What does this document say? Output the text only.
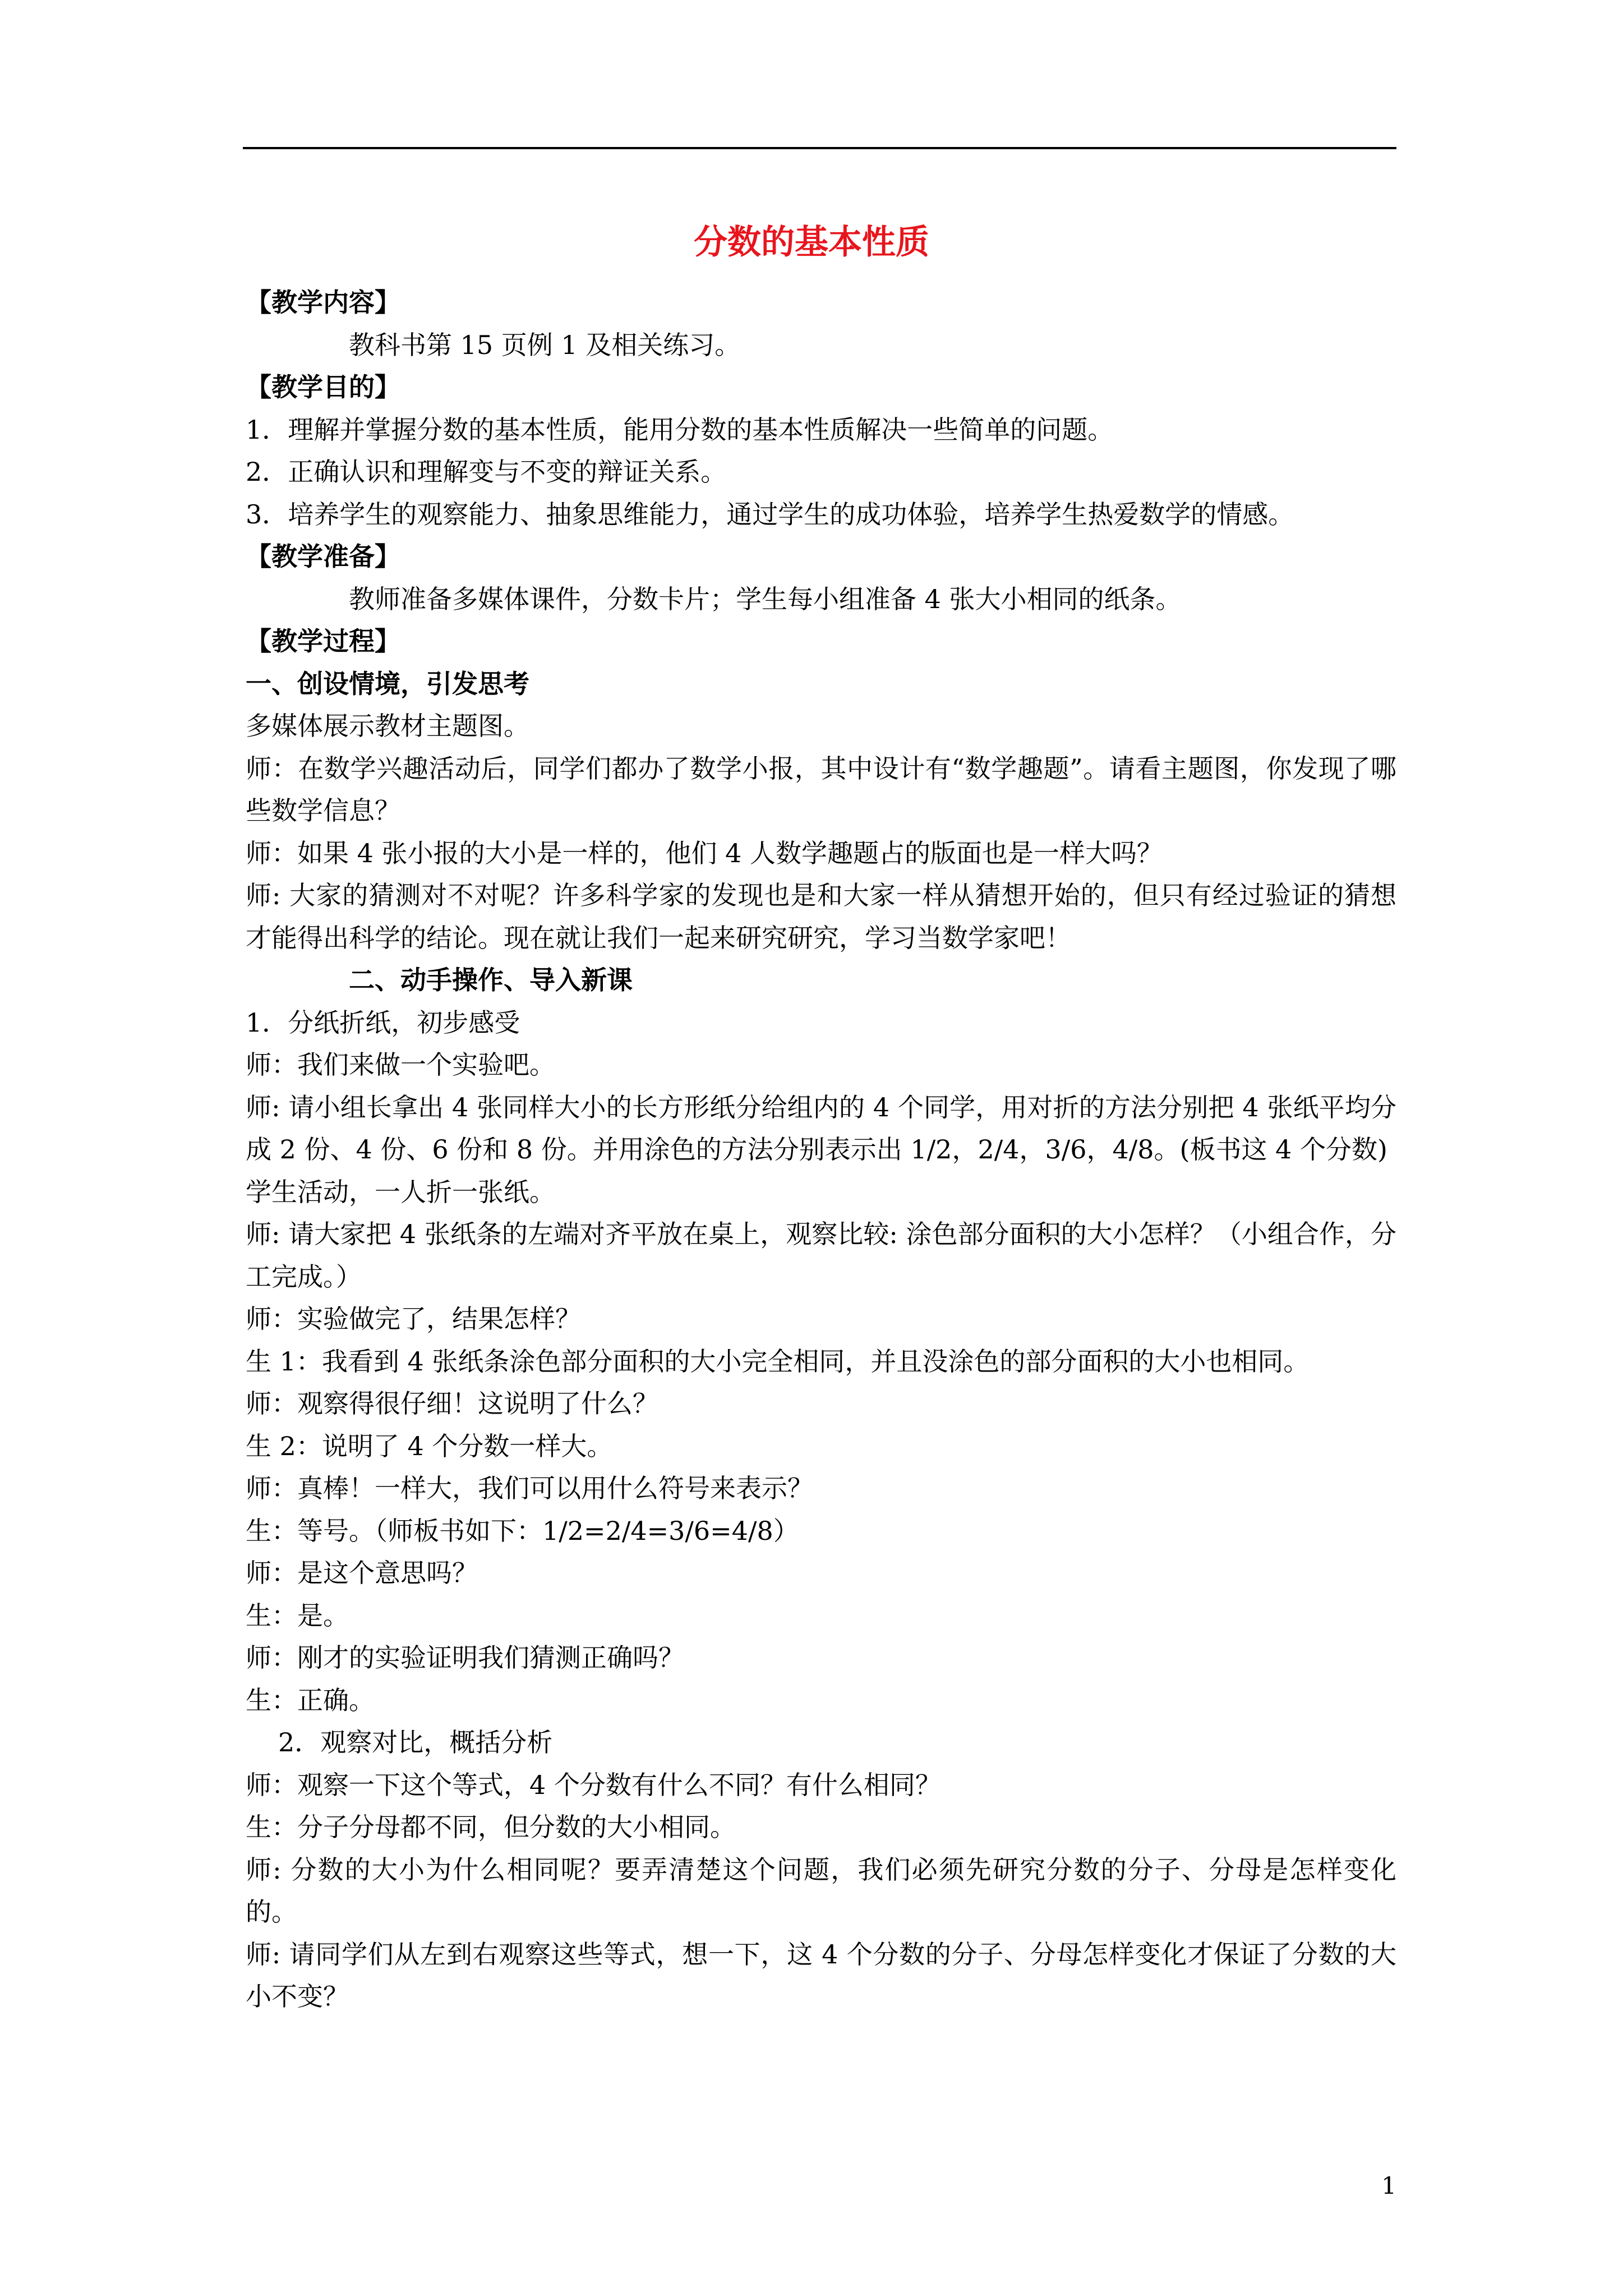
分数的基本性质
【教学内容】
教科书第 15 页例 1 及相关练习。
【教学目的】
1．理解并掌握分数的基本性质，能用分数的基本性质解决一些简单的问题。
2．正确认识和理解变与不变的辩证关系。
3．培养学生的观察能力、抽象思维能力，通过学生的成功体验，培养学生热爱数学的情感。
【教学准备】
教师准备多媒体课件，分数卡片；学生每小组准备 4 张大小相同的纸条。
【教学过程】
一、创设情境，引发思考
多媒体展示教材主题图。
师：在数学兴趣活动后，同学们都办了数学小报，其中设计有“数学趣题”。请看主题图，你发现了哪些数学信息？
师：如果 4 张小报的大小是一样的，他们 4 人数学趣题占的版面也是一样大吗？
师: 大家的猜测对不对呢？许多科学家的发现也是和大家一样从猜想开始的，但只有经过验证的猜想才能得出科学的结论。现在就让我们一起来研究研究，学习当数学家吧！
二、动手操作、导入新课
1．分纸折纸，初步感受
师：我们来做一个实验吧。
师: 请小组长拿出 4 张同样大小的长方形纸分给组内的 4 个同学，用对折的方法分别把 4 张纸平均分成 2 份、4 份、6 份和 8 份。并用涂色的方法分别表示出 1/2，2/4，3/6，4/8。(板书这 4 个分数)
学生活动，一人折一张纸。
师: 请大家把 4 张纸条的左端对齐平放在桌上，观察比较: 涂色部分面积的大小怎样？（小组合作，分工完成。）
师：实验做完了，结果怎样？
生 1：我看到 4 张纸条涂色部分面积的大小完全相同，并且没涂色的部分面积的大小也相同。
师：观察得很仔细！这说明了什么？
生 2：说明了 4 个分数一样大。
师：真棒！一样大，我们可以用什么符号来表示？
生：等号。（师板书如下：1/2=2/4=3/6=4/8）
师：是这个意思吗？
生：是。
师：刚才的实验证明我们猜测正确吗？
生：正确。
2．观察对比，概括分析
师：观察一下这个等式，4 个分数有什么不同？有什么相同？
生：分子分母都不同，但分数的大小相同。
师: 分数的大小为什么相同呢？要弄清楚这个问题，我们必须先研究分数的分子、分母是怎样变化的。
师: 请同学们从左到右观察这些等式，想一下，这 4 个分数的分子、分母怎样变化才保证了分数的大小不变？
1
